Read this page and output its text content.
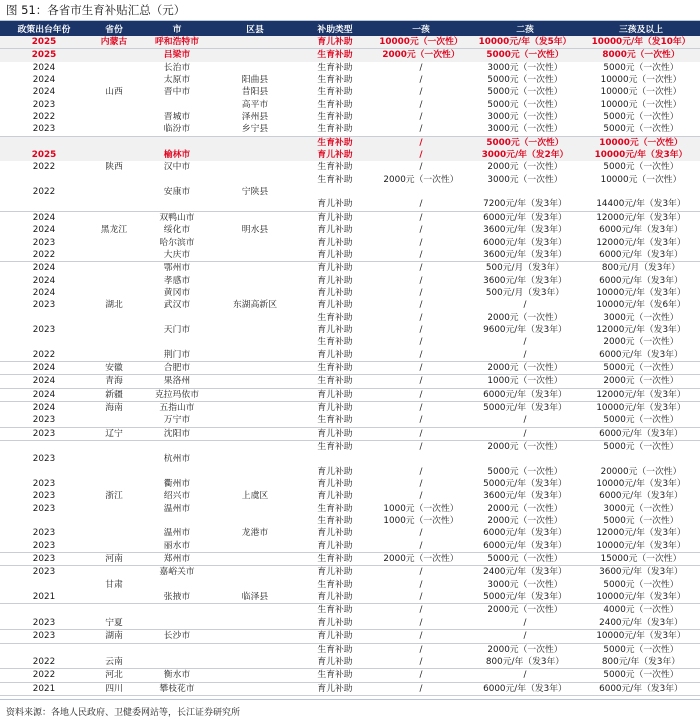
图 51：各省市生育补贴汇总（元）
政策出台年份	省份	市	区县	补助类型	一孩	二孩	三孩及以上
2025	内蒙古	呼和浩特市		育儿补助	10000元（一次性）	10000元/年（发5年）	10000元/年（发10年）
2025		吕梁市		生育补助	2000元（一次性）	5000元（一次性）	8000元（一次性）
2024		长治市		生育补助	/	3000元（一次性）	5000元（一次性）
2024		太原市	阳曲县	生育补助	/	5000元（一次性）	10000元（一次性）
2024	山西	晋中市	昔阳县	生育补助	/	5000元（一次性）	10000元（一次性）
2023			高平市	生育补助	/	5000元（一次性）	10000元（一次性）
2022		晋城市	泽州县	生育补助	/	3000元（一次性）	5000元（一次性）
2023		临汾市	乡宁县	生育补助	/	3000元（一次性）	5000元（一次性）
				生育补助	/	5000元（一次性）	10000元（一次性）
2025		榆林市		育儿补助	/	3000元/年（发2年）	10000元/年（发3年）
2022	陕西	汉中市		生育补助	/	2000元（一次性）	5000元（一次性）
				生育补助	2000元（一次性）	3000元（一次性）	10000元（一次性）
2022		安康市	宁陕县				
				育儿补助	/	7200元/年（发3年）	14400元/年（发3年）
2024		双鸭山市		育儿补助	/	6000元/年（发3年）	12000元/年（发3年）
2024	黑龙江	绥化市	明水县	育儿补助	/	3600元/年（发3年）	6000元/年（发3年）
2023		哈尔滨市		育儿补助	/	6000元/年（发3年）	12000元/年（发3年）
2022		大庆市		育儿补助	/	3600元/年（发3年）	6000元/年（发3年）
2024		鄂州市		育儿补助	/	500元/月（发3年）	800元/月（发3年）
2024		孝感市		育儿补助	/	3600元/年（发3年）	6000元/年（发3年）
2024		黄冈市		育儿补助	/	500元/月（发3年）	10000元/年（发3年）
2023	湖北	武汉市	东湖高新区	育儿补助	/	/	10000元/年（发6年）
				生育补助	/	2000元（一次性）	3000元（一次性）
2023		天门市		育儿补助	/	9600元/年（发3年）	12000元/年（发3年）
				生育补助	/	/	2000元（一次性）
2022		荆门市		育儿补助	/	/	6000元/年（发3年）
2024	安徽	合肥市		生育补助	/	2000元（一次性）	5000元（一次性）
2024	青海	果洛州		生育补助	/	1000元（一次性）	2000元（一次性）
2024	新疆	克拉玛依市		育儿补助	/	6000元/年（发3年）	12000元/年（发3年）
2024	海南	五指山市		育儿补助	/	5000元/年（发3年）	10000元/年（发3年）
2023		万宁市		生育补助	/	/	5000元（一次性）
2023	辽宁	沈阳市		育儿补助	/	/	6000元/年（发3年）
				生育补助	/	2000元（一次性）	5000元（一次性）
2023		杭州市					
				育儿补助	/	5000元（一次性）	20000元（一次性）
2023		衢州市		育儿补助	/	5000元/年（发3年）	10000元/年（发3年）
2023	浙江	绍兴市	上虞区	育儿补助	/	3600元/年（发3年）	6000元/年（发3年）
2023		温州市		生育补助	1000元（一次性）	2000元（一次性）	3000元（一次性）
				生育补助	1000元（一次性）	2000元（一次性）	5000元（一次性）
2023		温州市	龙港市	育儿补助	/	6000元/年（发3年）	12000元/年（发3年）
2023		丽水市		育儿补助	/	6000元/年（发3年）	10000元/年（发3年）
2023	河南	郑州市		生育补助	2000元（一次性）	5000元（一次性）	15000元（一次性）
2023		嘉峪关市		育儿补助	/	2400元/年（发3年）	3600元/年（发3年）
	甘肃			生育补助	/	3000元（一次性）	5000元（一次性）
2021		张掖市	临泽县	育儿补助	/	5000元/年（发3年）	10000元/年（发3年）
				生育补助	/	2000元（一次性）	4000元（一次性）
2023	宁夏			育儿补助	/	/	2400元/年（发3年）
2023	湖南	长沙市		育儿补助	/	/	10000元/年（发3年）
				生育补助	/	2000元（一次性）	5000元（一次性）
2022	云南			育儿补助	/	800元/年（发3年）	800元/年（发3年）
2022	河北	衡水市		生育补助	/	/	5000元（一次性）
2021	四川	攀枝花市		育儿补助	/	6000元/年（发3年）	6000元/年（发3年）
资料来源：各地人民政府、卫健委网站等，长江证券研究所
